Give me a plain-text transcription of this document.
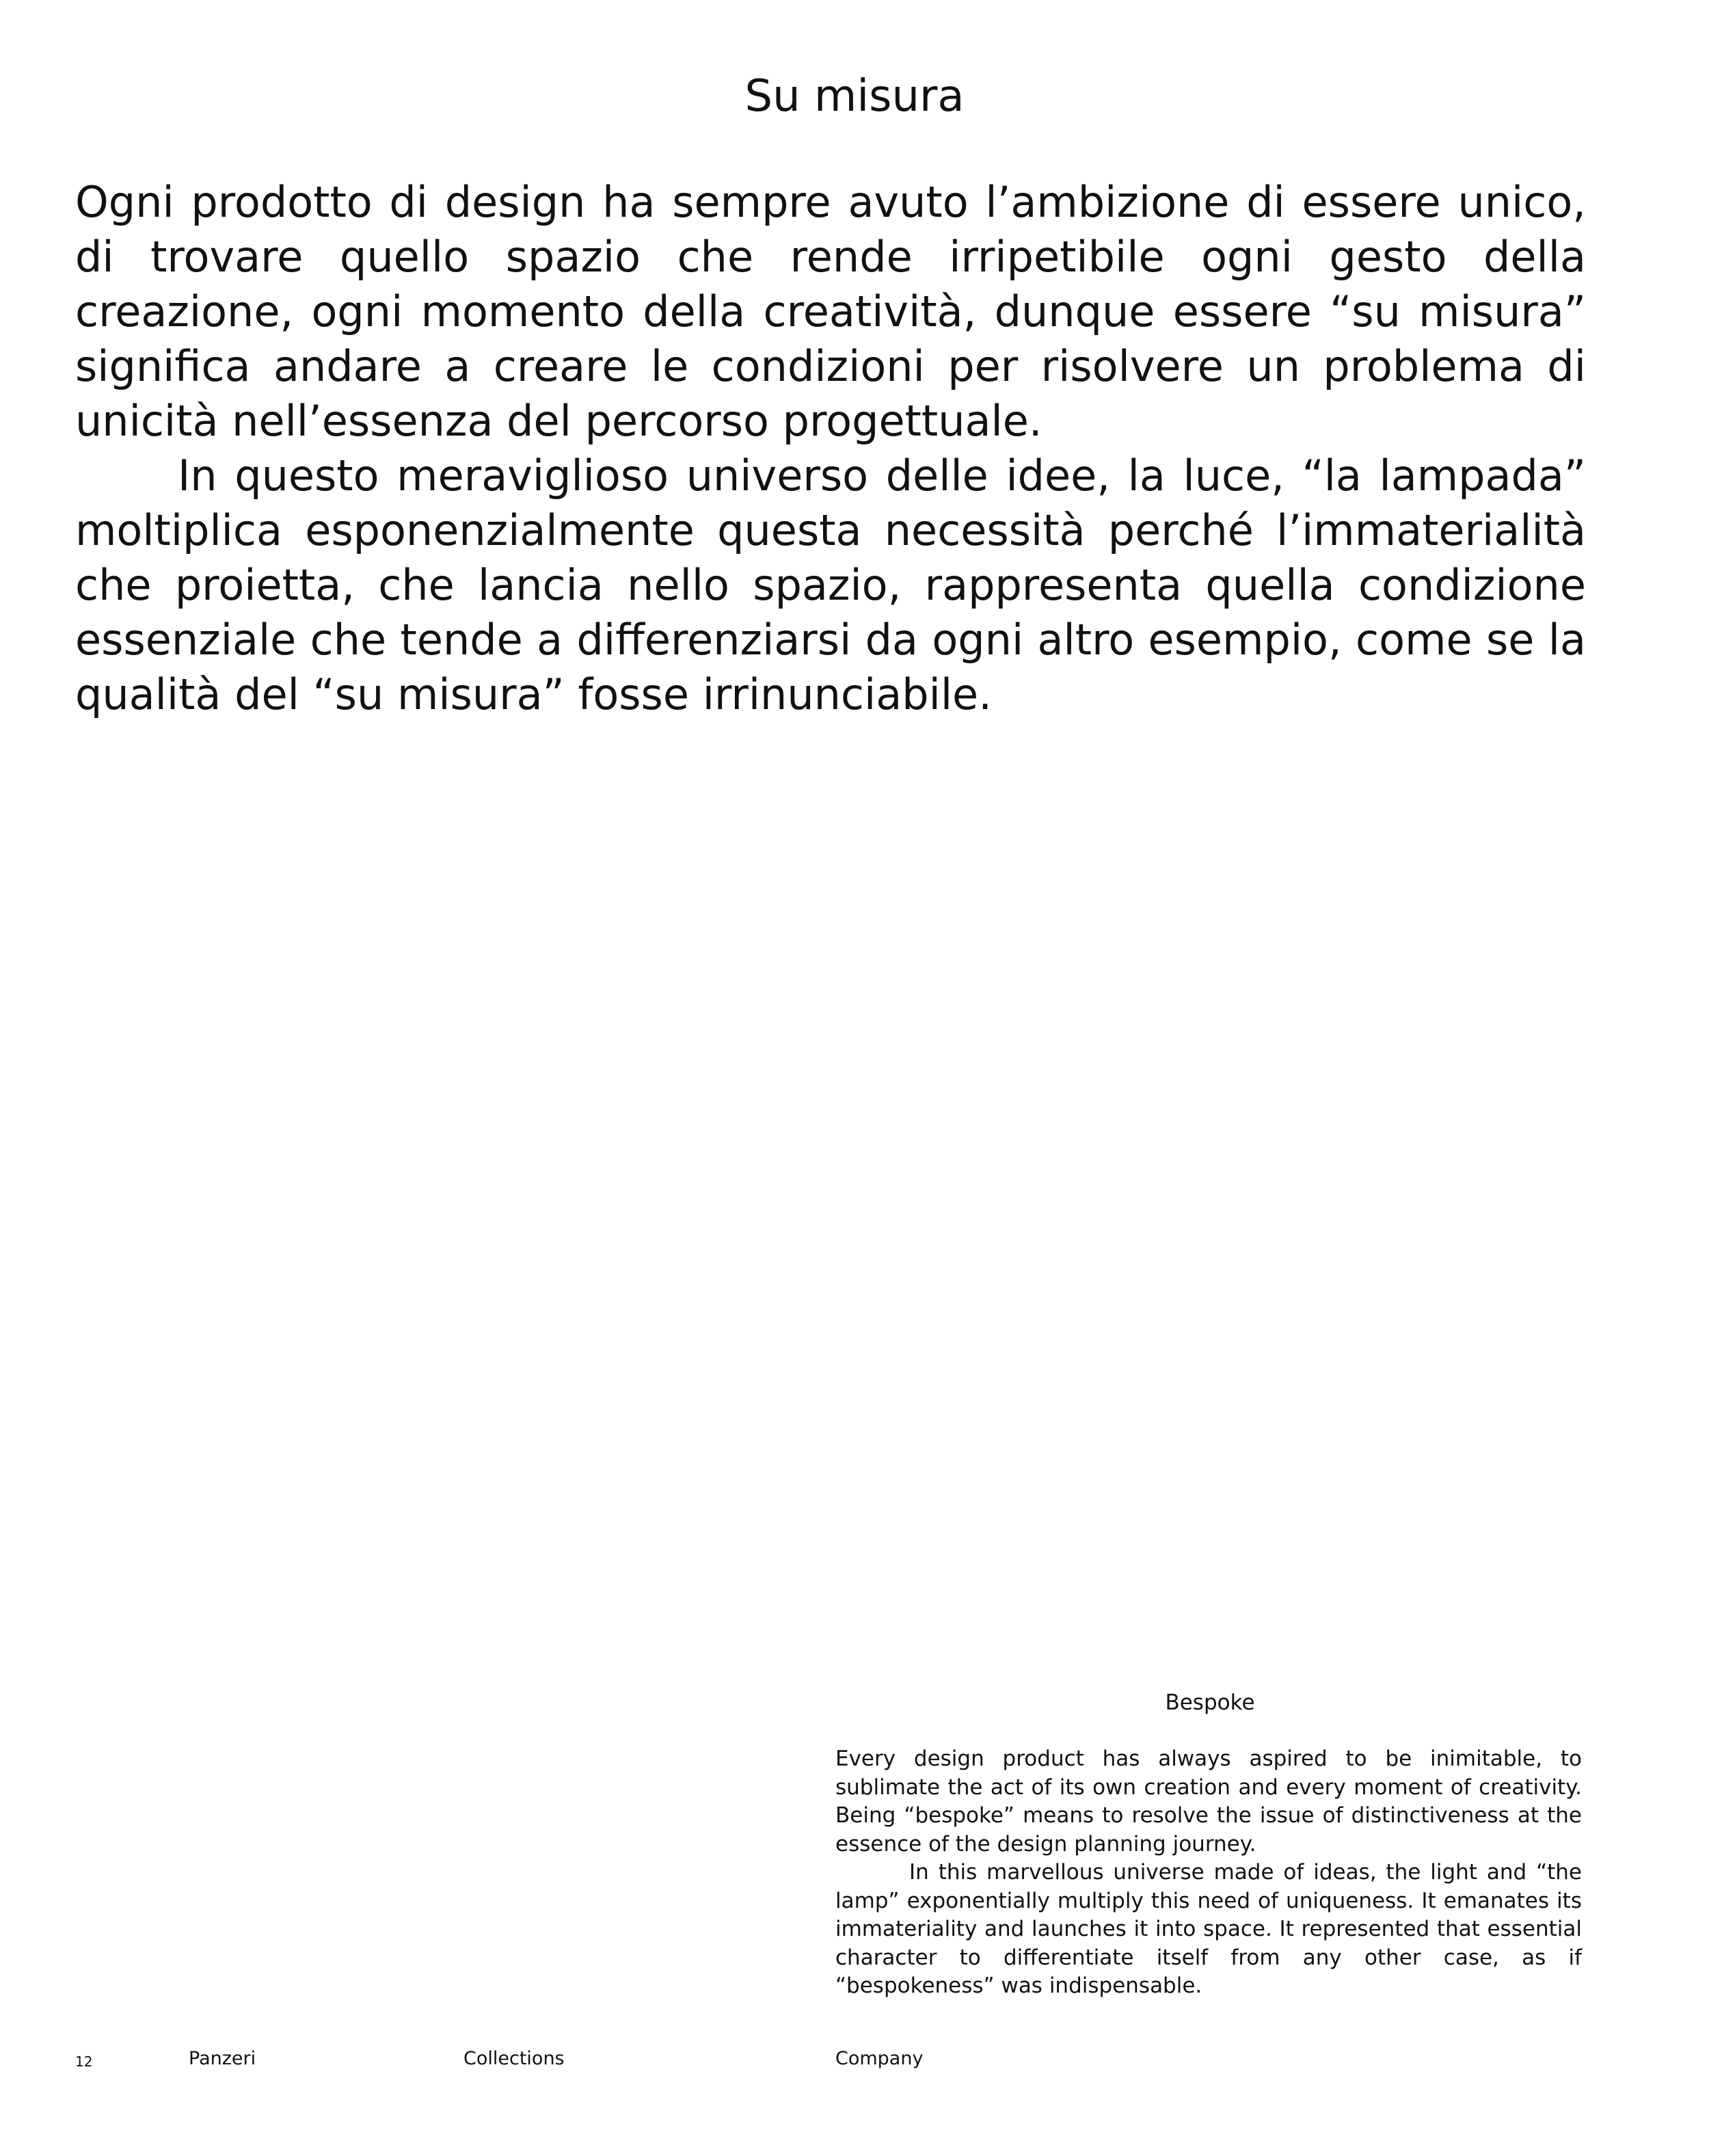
Su misura

Ogni prodotto di design ha sempre avuto l’ambizione di essere unico, di trovare quello spazio che rende irripetibile ogni gesto della creazione, ogni momento della creatività, dunque essere “su misura” significa andare a creare le condizioni per risolvere un problema di unicità nell’essenza del percorso progettuale.

In questo meraviglioso universo delle idee, la luce, “la lampada” moltiplica esponenzialmente questa necessità perché l’immaterialità che proietta, che lancia nello spazio, rappresenta quella condizione essenziale che tende a differenziarsi da ogni altro esempio, come se la qualità del “su misura” fosse irrinunciabile.

Bespoke

Every design product has always aspired to be inimitable, to sublimate the act of its own creation and every moment of creativity. Being “bespoke” means to resolve the issue of distinctiveness at the essence of the design planning journey.

In this marvellous universe made of ideas, the light and “the lamp” exponentially multiply this need of uniqueness. It emanates its immateriality and launches it into space. It represented that essential character to differentiate itself from any other case, as if “bespokeness” was indispensable.

12	Panzeri	Collections	Company
